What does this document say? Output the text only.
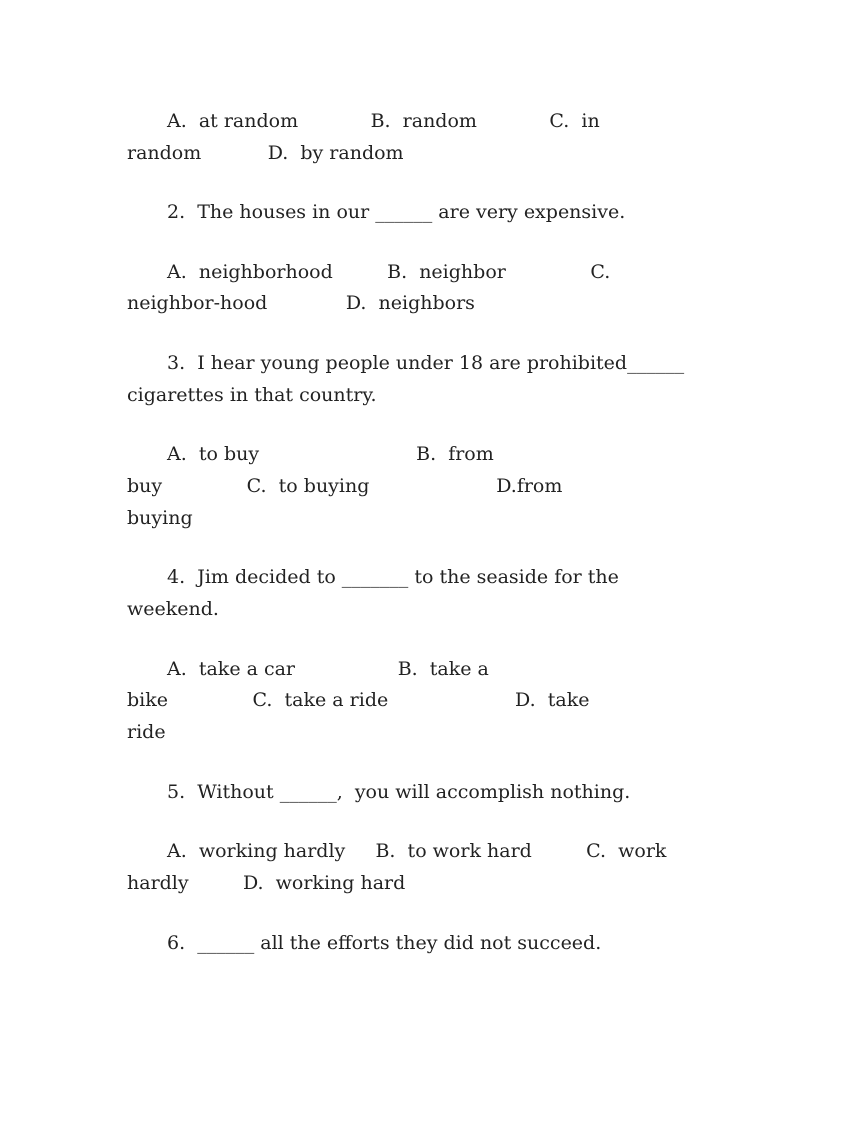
A.  at random            B.  random            C.  in
random           D.  by random
2.  The houses in our ______ are very expensive.
A.  neighborhood         B.  neighbor              C.
neighbor-hood             D.  neighbors
3.  I hear young people under 18 are prohibited______
cigarettes in that country.
A.  to buy                          B.  from
buy              C.  to buying                     D.from
buying
4.  Jim decided to _______ to the seaside for the
weekend.
A.  take a car                 B.  take a
bike              C.  take a ride                     D.  take
ride
5.  Without ______,  you will accomplish nothing.
A.  working hardly     B.  to work hard         C.  work
hardly         D.  working hard
6.  ______ all the efforts they did not succeed.
